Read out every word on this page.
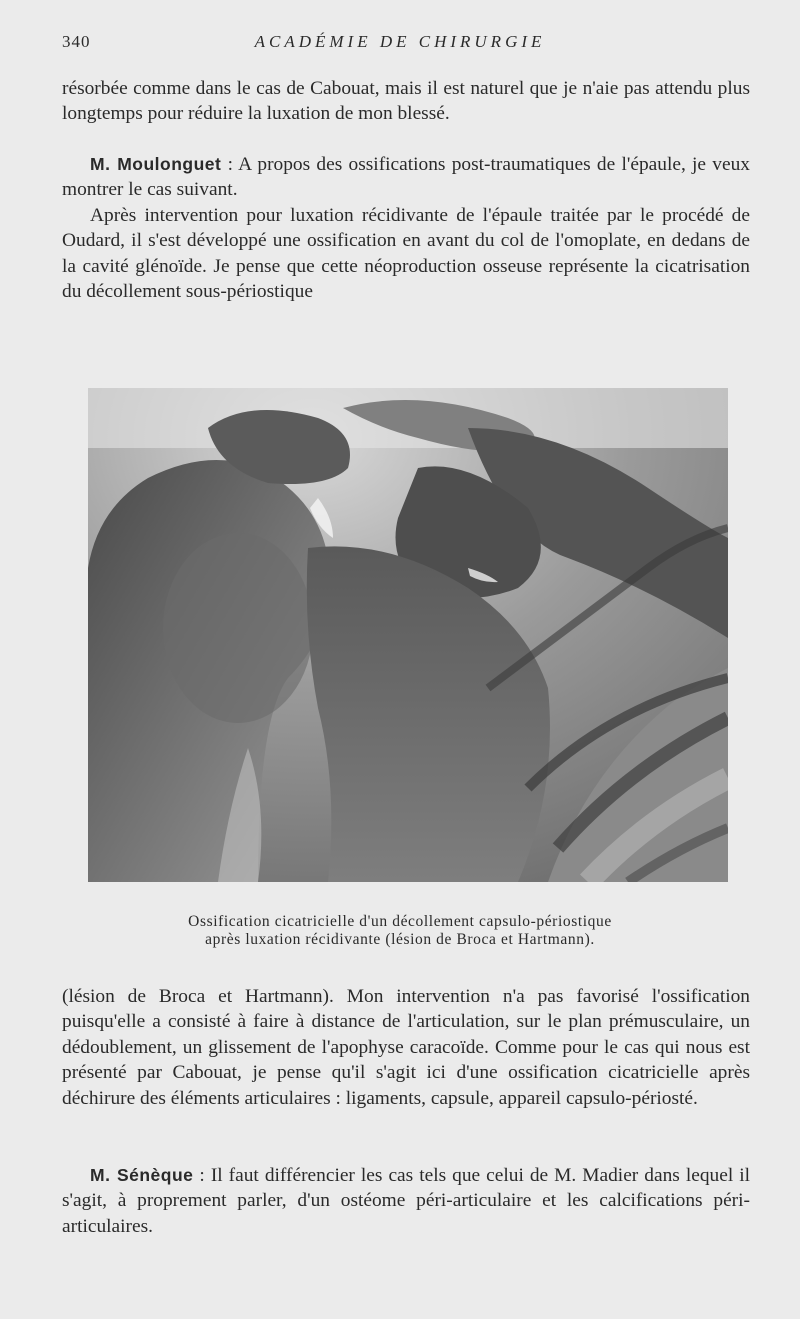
340	ACADÉMIE DE CHIRURGIE

résorbée comme dans le cas de Cabouat, mais il est naturel que je n'aie pas attendu plus longtemps pour réduire la luxation de mon blessé.

M. Moulonguet : A propos des ossifications post-traumatiques de l'épaule, je veux montrer le cas suivant.

Après intervention pour luxation récidivante de l'épaule traitée par le procédé de Oudard, il s'est développé une ossification en avant du col de l'omoplate, en dedans de la cavité glénoïde. Je pense que cette néoproduction osseuse représente la cicatrisation du décollement sous-périostique

Ossification cicatricielle d'un décollement capsulo-périostique
après luxation récidivante (lésion de Broca et Hartmann).

(lésion de Broca et Hartmann). Mon intervention n'a pas favorisé l'ossification puisqu'elle a consisté à faire à distance de l'articulation, sur le plan prémusculaire, un dédoublement, un glissement de l'apophyse caracoïde. Comme pour le cas qui nous est présenté par Cabouat, je pense qu'il s'agit ici d'une ossification cicatricielle après déchirure des éléments articulaires : ligaments, capsule, appareil capsulo-périosté.

M. Sénèque : Il faut différencier les cas tels que celui de M. Madier dans lequel il s'agit, à proprement parler, d'un ostéome péri-articulaire et les calcifications péri-articulaires.
